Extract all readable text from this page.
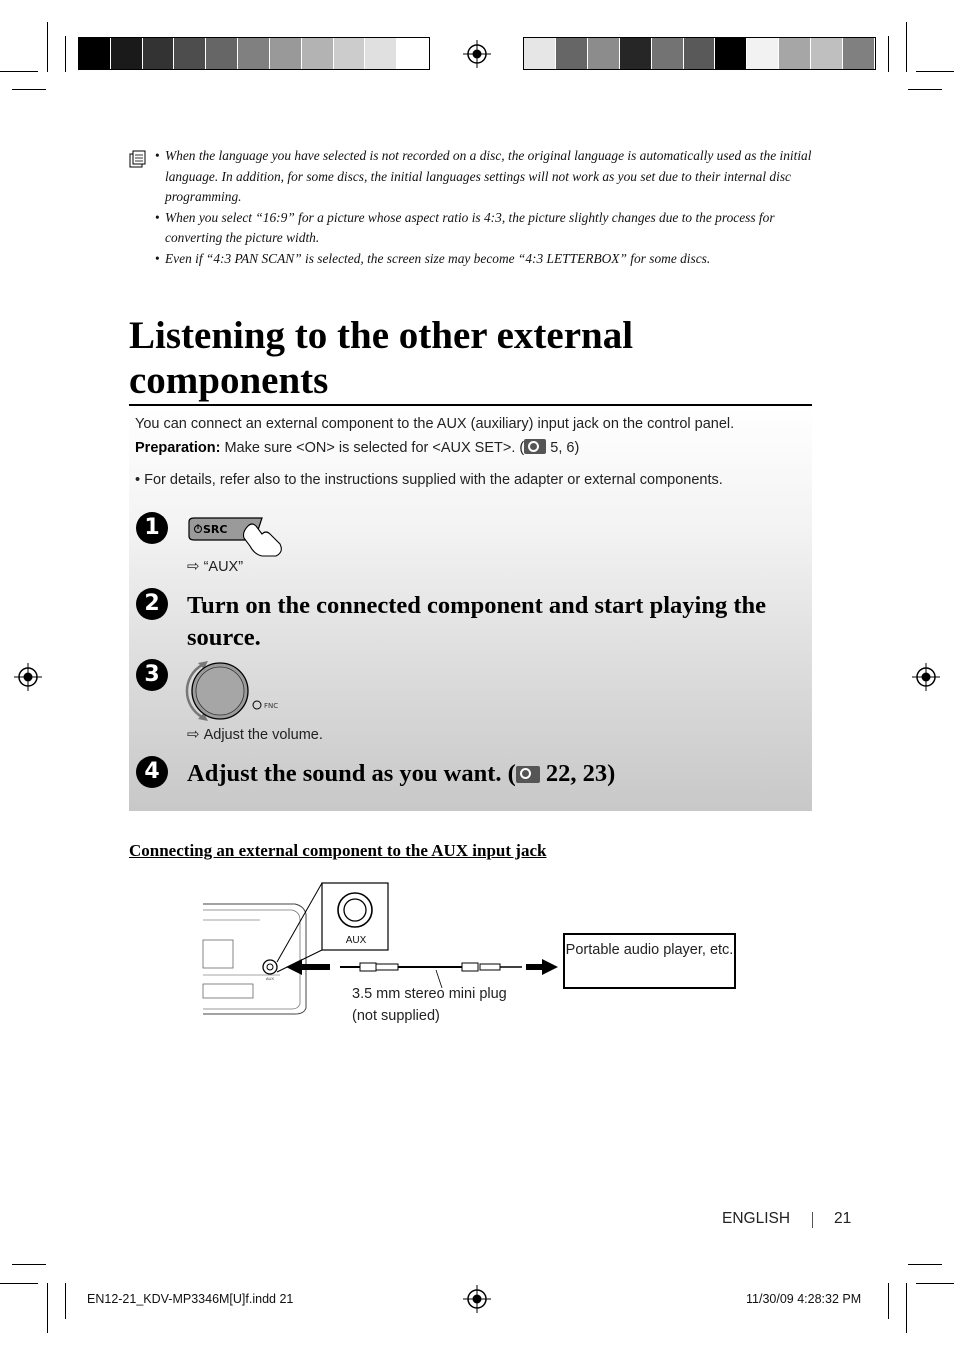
• When the language you have selected is not recorded on a disc, the original language is automatically used as the initial language. In addition, for some discs, the initial languages settings will not work as you set due to their internal disc programming.
• When you select “16:9” for a picture whose aspect ratio is 4:3, the picture slightly changes due to the process for converting the picture width.
• Even if “4:3 PAN SCAN” is selected, the screen size may become “4:3 LETTERBOX” for some discs.
Listening to the other external
components
You can connect an external component to the AUX (auxiliary) input jack on the control panel.
Preparation: Make sure <ON> is selected for <AUX SET>. ( 5, 6)
• For details, refer also to the instructions supplied with the adapter or external components.
1	SRC
⇨ “AUX”
2	Turn on the connected component and start playing the source.
3
FNC
⇨ Adjust the volume.
4	Adjust the sound as you want. ( 22, 23)
Connecting an external component to the AUX input jack
AUX
AUX
Portable audio player, etc.
3.5 mm stereo mini plug
(not supplied)
ENGLISH	21
EN12-21_KDV-MP3346M[U]f.indd 21	11/30/09 4:28:32 PM
